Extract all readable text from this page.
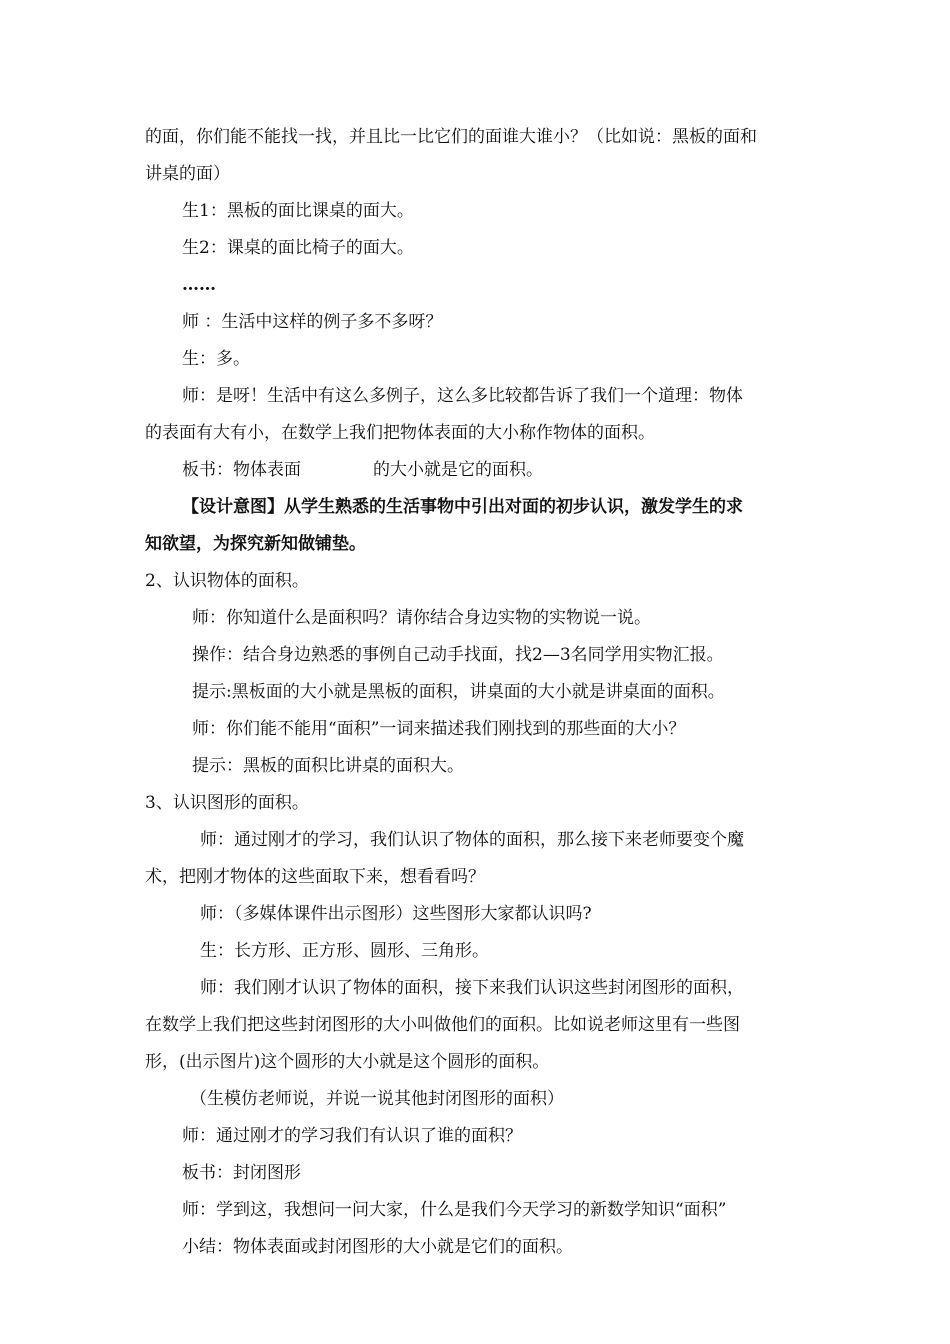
的面，你们能不能找一找，并且比一比它们的面谁大谁小？（比如说：黑板的面和
讲桌的面）
生1：黑板的面比课桌的面大。
生2：课桌的面比椅子的面大。
……
师 ：生活中这样的例子多不多呀？
生：多。
师：是呀！生活中有这么多例子，这么多比较都告诉了我们一个道理：物体
的表面有大有小，在数学上我们把物体表面的大小称作物体的面积。
板书：物体表面	的大小就是它的面积。
【设计意图】从学生熟悉的生活事物中引出对面的初步认识，激发学生的求
知欲望，为探究新知做铺垫。
2、认识物体的面积。
师：你知道什么是面积吗？请你结合身边实物的实物说一说。
操作：结合身边熟悉的事例自己动手找面，找2—3名同学用实物汇报。
提示:黑板面的大小就是黑板的面积，讲桌面的大小就是讲桌面的面积。
师：你们能不能用“面积”一词来描述我们刚找到的那些面的大小？
提示：黑板的面积比讲桌的面积大。
3、认识图形的面积。
师：通过刚才的学习，我们认识了物体的面积，那么接下来老师要变个魔
术，把刚才物体的这些面取下来，想看看吗？
师：（多媒体课件出示图形）这些图形大家都认识吗?
生：长方形、正方形、圆形、三角形。
师：我们刚才认识了物体的面积，接下来我们认识这些封闭图形的面积，
在数学上我们把这些封闭图形的大小叫做他们的面积。比如说老师这里有一些图
形，(出示图片)这个圆形的大小就是这个圆形的面积。
（生模仿老师说，并说一说其他封闭图形的面积）
师：通过刚才的学习我们有认识了谁的面积？
板书：封闭图形
师：学到这，我想问一问大家，什么是我们今天学习的新数学知识“面积”
小结：物体表面或封闭图形的大小就是它们的面积。
